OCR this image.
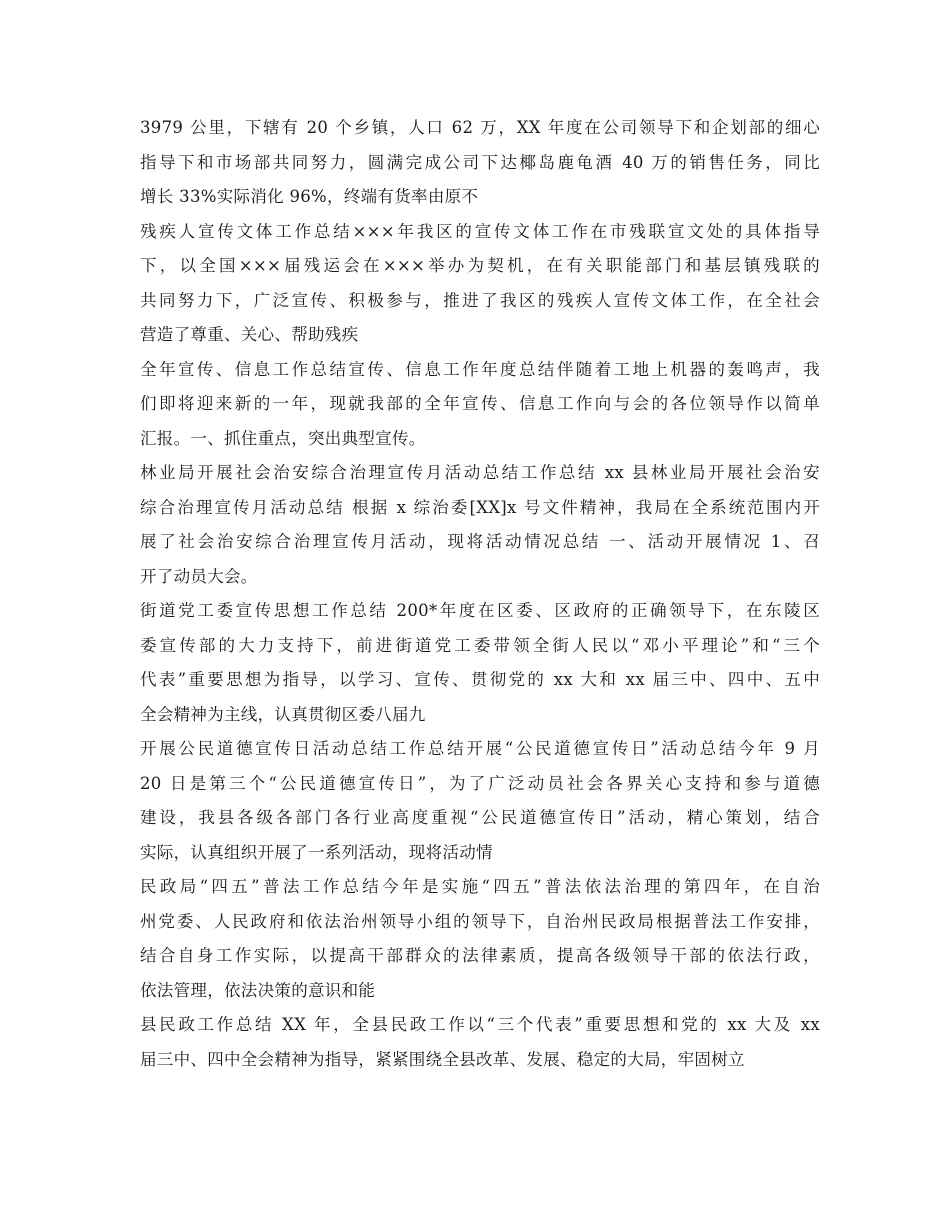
3979 公里，下辖有 20 个乡镇，人口 62 万，XX 年度在公司领导下和企划部的细心
指导下和市场部共同努力，圆满完成公司下达椰岛鹿龟酒 40 万的销售任务，同比
增长 33%实际消化 96%，终端有货率由原不
残疾人宣传文体工作总结×××年我区的宣传文体工作在市残联宣文处的具体指导
下，以全国×××届残运会在×××举办为契机，在有关职能部门和基层镇残联的
共同努力下，广泛宣传、积极参与，推进了我区的残疾人宣传文体工作，在全社会
营造了尊重、关心、帮助残疾
全年宣传、信息工作总结宣传、信息工作年度总结伴随着工地上机器的轰鸣声，我
们即将迎来新的一年，现就我部的全年宣传、信息工作向与会的各位领导作以简单
汇报。一、抓住重点，突出典型宣传。
林业局开展社会治安综合治理宣传月活动总结工作总结 xx 县林业局开展社会治安
综合治理宣传月活动总结 根据 x 综治委[XX]x 号文件精神，我局在全系统范围内开
展了社会治安综合治理宣传月活动，现将活动情况总结 一、活动开展情况 1、召
开了动员大会。
街道党工委宣传思想工作总结 200*年度在区委、区政府的正确领导下，在东陵区
委宣传部的大力支持下，前进街道党工委带领全街人民以“邓小平理论”和“三个
代表”重要思想为指导，以学习、宣传、贯彻党的 xx 大和 xx 届三中、四中、五中
全会精神为主线，认真贯彻区委八届九
开展公民道德宣传日活动总结工作总结开展“公民道德宣传日”活动总结今年 9 月
20 日是第三个“公民道德宣传日”，为了广泛动员社会各界关心支持和参与道德
建设，我县各级各部门各行业高度重视“公民道德宣传日”活动，精心策划，结合
实际，认真组织开展了一系列活动，现将活动情
民政局“四五”普法工作总结今年是实施“四五”普法依法治理的第四年，在自治
州党委、人民政府和依法治州领导小组的领导下，自治州民政局根据普法工作安排，
结合自身工作实际，以提高干部群众的法律素质，提高各级领导干部的依法行政，
依法管理，依法决策的意识和能
县民政工作总结 XX 年，全县民政工作以“三个代表”重要思想和党的 xx 大及 xx
届三中、四中全会精神为指导，紧紧围绕全县改革、发展、稳定的大局，牢固树立
